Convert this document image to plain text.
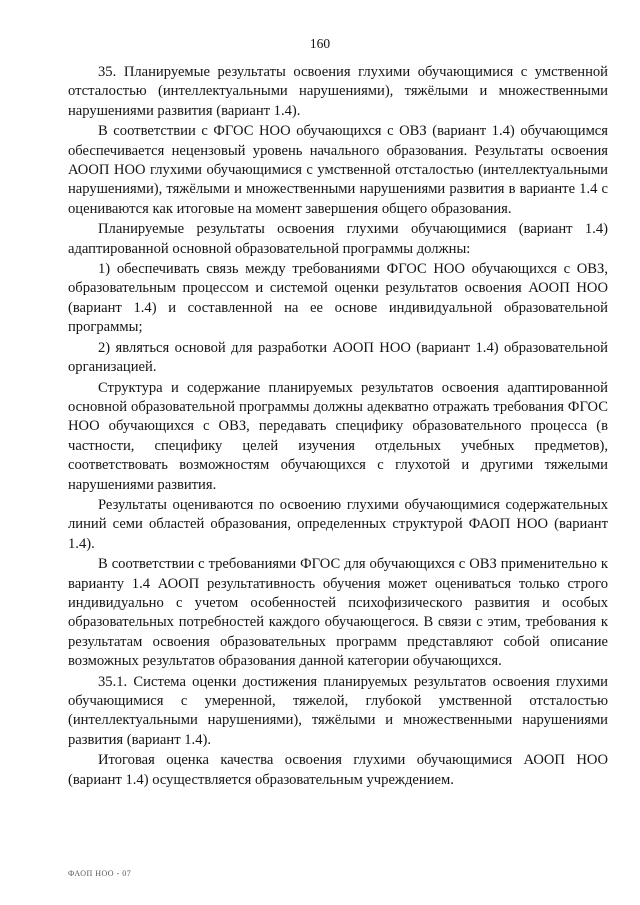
160

35. Планируемые результаты освоения глухими обучающимися с умственной отсталостью (интеллектуальными нарушениями), тяжёлыми и множественными нарушениями развития (вариант 1.4).

В соответствии с ФГОС НОО обучающихся с ОВЗ (вариант 1.4) обучающимся обеспечивается нецензовый уровень начального образования. Результаты освоения АООП НОО глухими обучающимися с умственной отсталостью (интеллектуальными нарушениями), тяжёлыми и множественными нарушениями развития в варианте 1.4 с оцениваются как итоговые на момент завершения общего образования.

Планируемые результаты освоения глухими обучающимися (вариант 1.4) адаптированной основной образовательной программы должны:

1) обеспечивать связь между требованиями ФГОС НОО обучающихся с ОВЗ, образовательным процессом и системой оценки результатов освоения АООП НОО (вариант 1.4) и составленной на ее основе индивидуальной образовательной программы;

2) являться основой для разработки АООП НОО (вариант 1.4) образовательной организацией.

Структура и содержание планируемых результатов освоения адаптированной основной образовательной программы должны адекватно отражать требования ФГОС НОО обучающихся с ОВЗ, передавать специфику образовательного процесса (в частности, специфику целей изучения отдельных учебных предметов), соответствовать возможностям обучающихся с глухотой и другими тяжелыми нарушениями развития.

Результаты оцениваются по освоению глухими обучающимися содержательных линий семи областей образования, определенных структурой ФАОП НОО (вариант 1.4).

В соответствии с требованиями ФГОС для обучающихся с ОВЗ применительно к варианту 1.4 АООП результативность обучения может оцениваться только строго индивидуально с учетом особенностей психофизического развития и особых образовательных потребностей каждого обучающегося. В связи с этим, требования к результатам освоения образовательных программ представляют собой описание возможных результатов образования данной категории обучающихся.

35.1. Система оценки достижения планируемых результатов освоения глухими обучающимися с умеренной, тяжелой, глубокой умственной отсталостью (интеллектуальными нарушениями), тяжёлыми и множественными нарушениями развития (вариант 1.4).

Итоговая оценка качества освоения глухими обучающимися АООП НОО (вариант 1.4) осуществляется образовательным учреждением.

ФАОП НОО - 07
